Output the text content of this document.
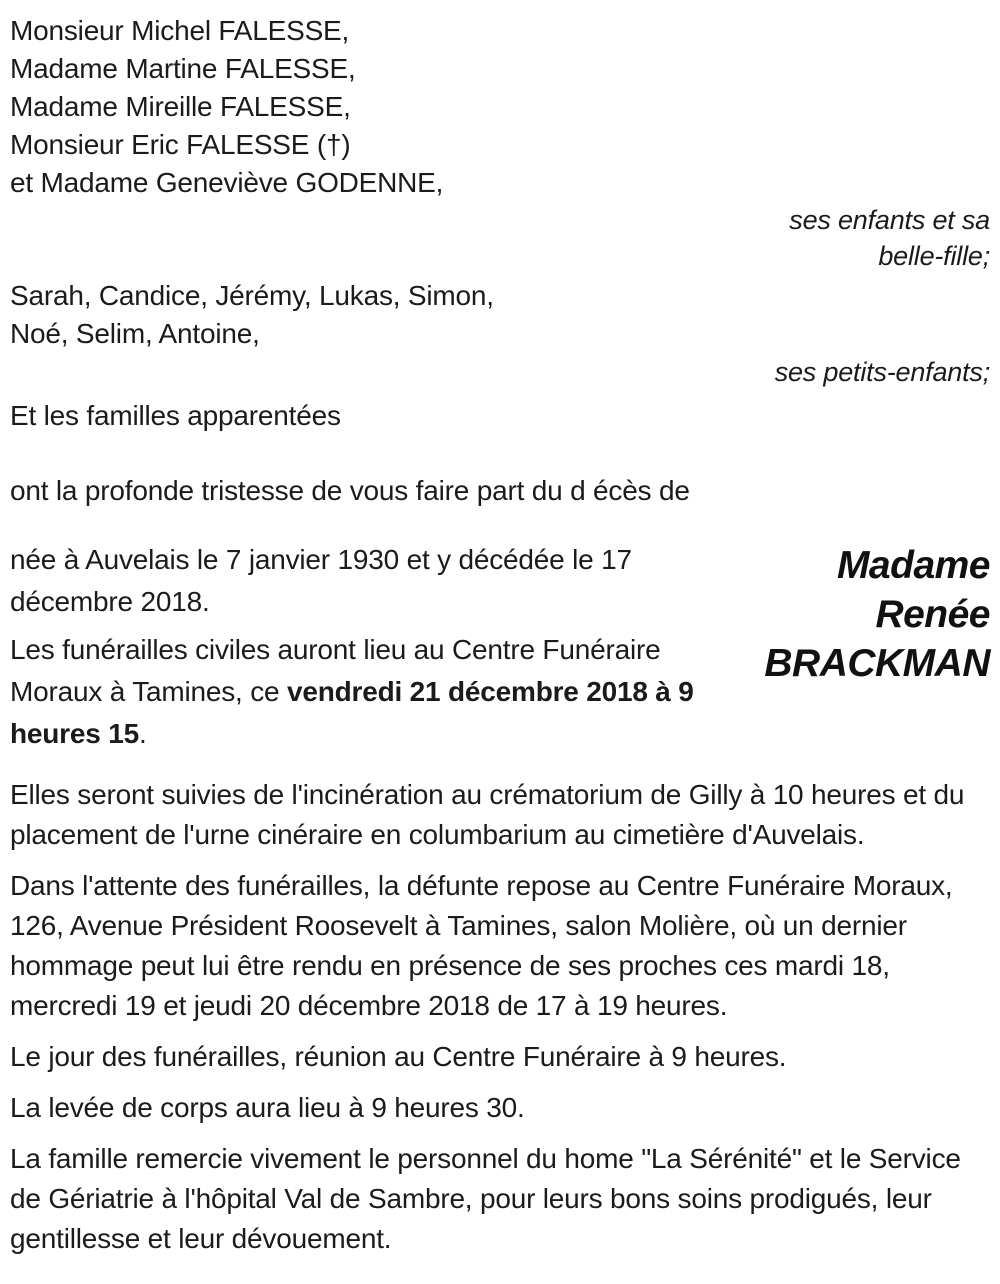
Monsieur Michel FALESSE,
Madame Martine FALESSE,
Madame Mireille FALESSE,
Monsieur Eric FALESSE (†)
et Madame Geneviève GODENNE,
ses enfants et sa
belle-fille;
Sarah, Candice, Jérémy, Lukas, Simon,
Noé, Selim, Antoine,
ses petits-enfants;
Et les familles apparentées

ont la profonde tristesse de vous faire part du d écès de

née à Auvelais le 7 janvier 1930 et y décédée le 17 décembre 2018.

Les funérailles civiles auront lieu au Centre Funéraire Moraux à Tamines, ce vendredi 21 décembre 2018 à 9 heures 15.

Madame
Renée
BRACKMAN

Elles seront suivies de l'incinération au crématorium de Gilly à 10 heures et du placement de l'urne cinéraire en columbarium au cimetière d'Auvelais.

Dans l'attente des funérailles, la défunte repose au Centre Funéraire Moraux, 126, Avenue Président Roosevelt à Tamines, salon Molière, où un dernier hommage peut lui être rendu en présence de ses proches ces mardi 18, mercredi 19 et jeudi 20 décembre 2018 de 17 à 19 heures.

Le jour des funérailles, réunion au Centre Funéraire à 9 heures.

La levée de corps aura lieu à 9 heures 30.

La famille remercie vivement le personnel du home "La Sérénité" et le Service de Gériatrie à l'hôpital Val de Sambre, pour leurs bons soins prodigués, leur gentillesse et leur dévouement.
